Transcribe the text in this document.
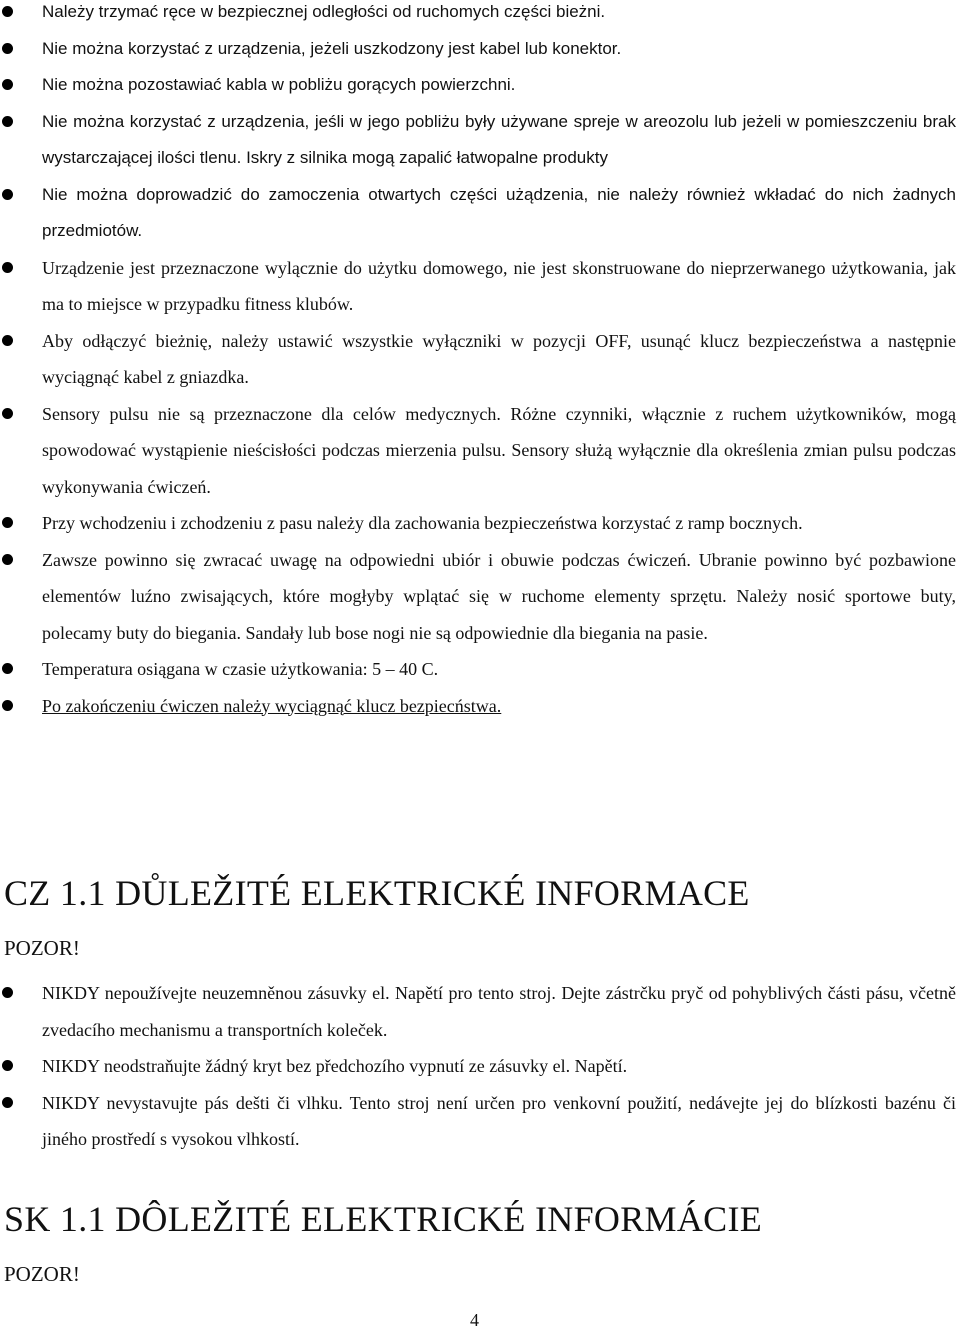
Należy trzymać ręce w bezpiecznej odległości od ruchomych części bieżni.
Nie można korzystać z urządzenia, jeżeli uszkodzony jest kabel lub konektor.
Nie można pozostawiać kabla w pobliżu gorących powierzchni.
Nie można korzystać z urządzenia, jeśli w jego pobliżu były używane spreje w areozolu lub jeżeli w pomieszczeniu brak wystarczającej ilości tlenu. Iskry z silnika mogą zapalić łatwopalne produkty
Nie można doprowadzić do zamoczenia otwartych części użądzenia, nie należy również wkładać do nich żadnych przedmiotów.
Urządzenie jest przeznaczone wylącznie do użytku domowego, nie jest skonstruowane do nieprzerwanego użytkowania, jak ma to miejsce w przypadku fitness klubów.
Aby odłączyć bieżnię, należy ustawić wszystkie wyłączniki w pozycji OFF, usunąć klucz bezpieczeństwa a następnie wyciągnąć kabel z gniazdka.
Sensory pulsu nie są przeznaczone dla celów medycznych. Różne czynniki, włącznie z ruchem użytkowników, mogą spowodować wystąpienie nieścisłości podczas mierzenia pulsu. Sensory służą wyłącznie dla określenia zmian pulsu podczas wykonywania ćwiczeń.
Przy wchodzeniu i zchodzeniu z pasu należy dla zachowania bezpieczeństwa korzystać z ramp bocznych.
Zawsze powinno się zwracać uwagę na odpowiedni ubiór i obuwie podczas ćwiczeń. Ubranie powinno być pozbawione elementów luźno zwisających, które mogłyby wplątać się w ruchome elementy sprzętu. Należy nosić sportowe buty, polecamy buty do biegania. Sandały lub bose nogi nie są odpowiednie dla biegania na pasie.
Temperatura osiągana w czasie użytkowania: 5 – 40 C.
Po zakończeniu ćwiczen należy wyciągnąć klucz bezpiecństwa.
CZ 1.1 DŮLEŽITÉ ELEKTRICKÉ INFORMACE
POZOR!
NIKDY nepoužívejte neuzemněnou zásuvky el. Napětí pro tento stroj. Dejte zástrčku pryč od pohyblivých části pásu, včetně zvedacího mechanismu a transportních koleček.
NIKDY neodstraňujte žádný kryt bez předchozího vypnutí ze zásuvky el. Napětí.
NIKDY nevystavujte pás dešti či vlhku. Tento stroj není určen pro venkovní použití, nedávejte jej do blízkosti bazénu či jiného prostředí s vysokou vlhkostí.
SK 1.1 DÔLEŽITÉ ELEKTRICKÉ INFORMÁCIE
POZOR!
4
